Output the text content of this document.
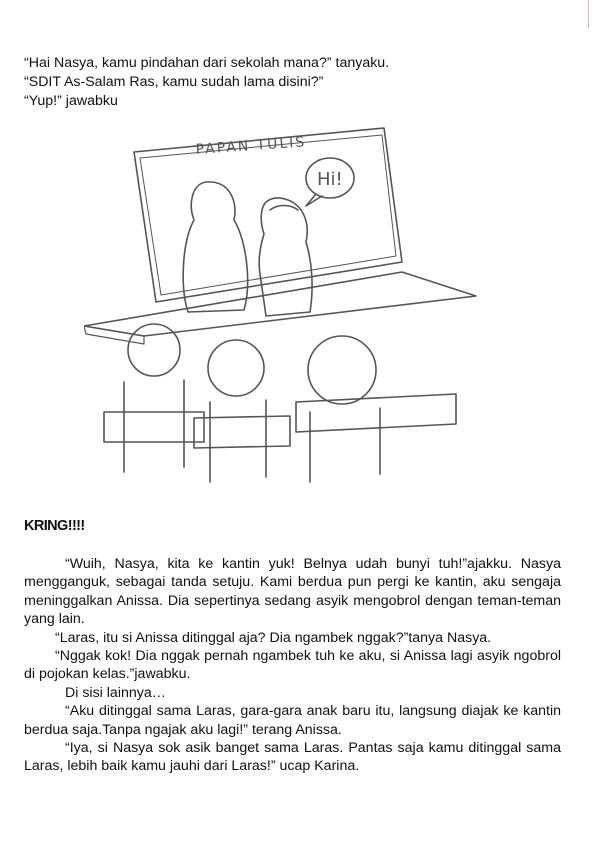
“Hai Nasya, kamu pindahan dari sekolah mana?” tanyaku.
“SDIT As-Salam Ras, kamu sudah lama disini?”
“Yup!” jawabku
PAPAN TULIS
Hi!
KRING!!!!

“Wuih, Nasya, kita ke kantin yuk! Belnya udah bunyi tuh!”ajakku. Nasya mengganguk, sebagai tanda setuju. Kami berdua pun pergi ke kantin, aku sengaja meninggalkan Anissa. Dia sepertinya sedang asyik mengobrol dengan teman-teman yang lain.

“Laras, itu si Anissa ditinggal aja? Dia ngambek nggak?”tanya Nasya.

“Nggak kok! Dia nggak pernah ngambek tuh ke aku, si Anissa lagi asyik ngobrol di pojokan kelas.”jawabku.

Di sisi lainnya…

“Aku ditinggal sama Laras, gara-gara anak baru itu, langsung diajak ke kantin berdua saja.Tanpa ngajak aku lagi!” terang Anissa.

“Iya, si Nasya sok asik banget sama Laras. Pantas saja kamu ditinggal sama Laras, lebih baik kamu jauhi dari Laras!” ucap Karina.
